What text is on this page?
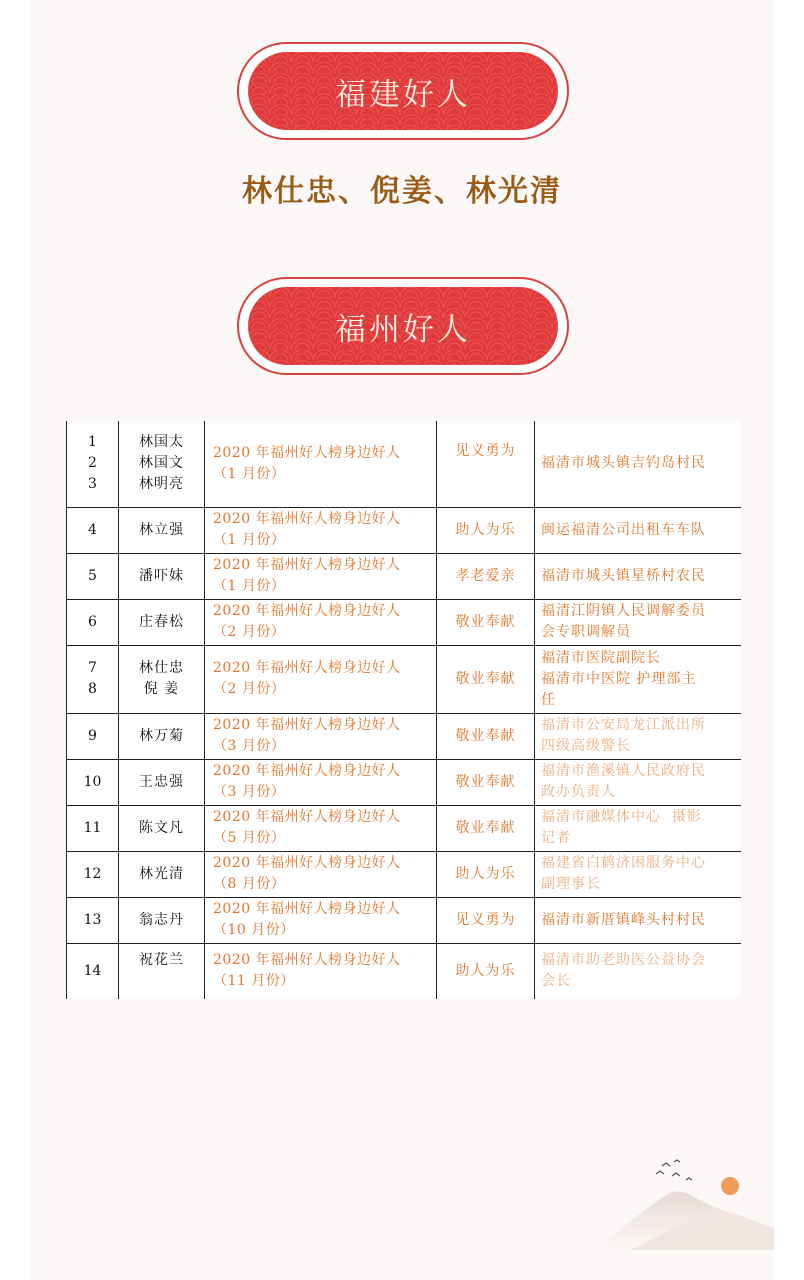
福建好人
林仕忠、倪姜、林光清
福州好人
1
2
3	林国太
林国文
林明亮	2020 年福州好人榜身边好人
（1 月份）	见义勇为	福清市城头镇吉钓岛村民

4	林立强	2020 年福州好人榜身边好人
（1 月份）	助人为乐	闽运福清公司出租车车队
5	潘吓妹	2020 年福州好人榜身边好人
（1 月份）	孝老爱亲	福清市城头镇星桥村农民
6	庄春松	2020 年福州好人榜身边好人
（2 月份）	敬业奉献	福清江阴镇人民调解委员
会专职调解员

7
8	林仕忠
倪 姜	2020 年福州好人榜身边好人
（2 月份）	敬业奉献	福清市医院副院长
福清市中医院 护理部主
任

9	林万菊	2020 年福州好人榜身边好人
（3 月份）	敬业奉献	福清市公安局龙江派出所
四级高级警长

10	王忠强	2020 年福州好人榜身边好人
（3 月份）	敬业奉献	福清市渔溪镇人民政府民
政办负责人

11	陈文凡	2020 年福州好人榜身边好人
（5 月份）	敬业奉献	福清市融媒体中心  摄影
记者

12	林光清	2020 年福州好人榜身边好人
（8 月份）	助人为乐	福建省白鹤济困服务中心
副理事长

13	翁志丹	2020 年福州好人榜身边好人
（10 月份）	见义勇为	福清市新厝镇峰头村村民
14	祝花兰	2020 年福州好人榜身边好人
（11 月份）	助人为乐	福清市助老助医公益协会
会长
